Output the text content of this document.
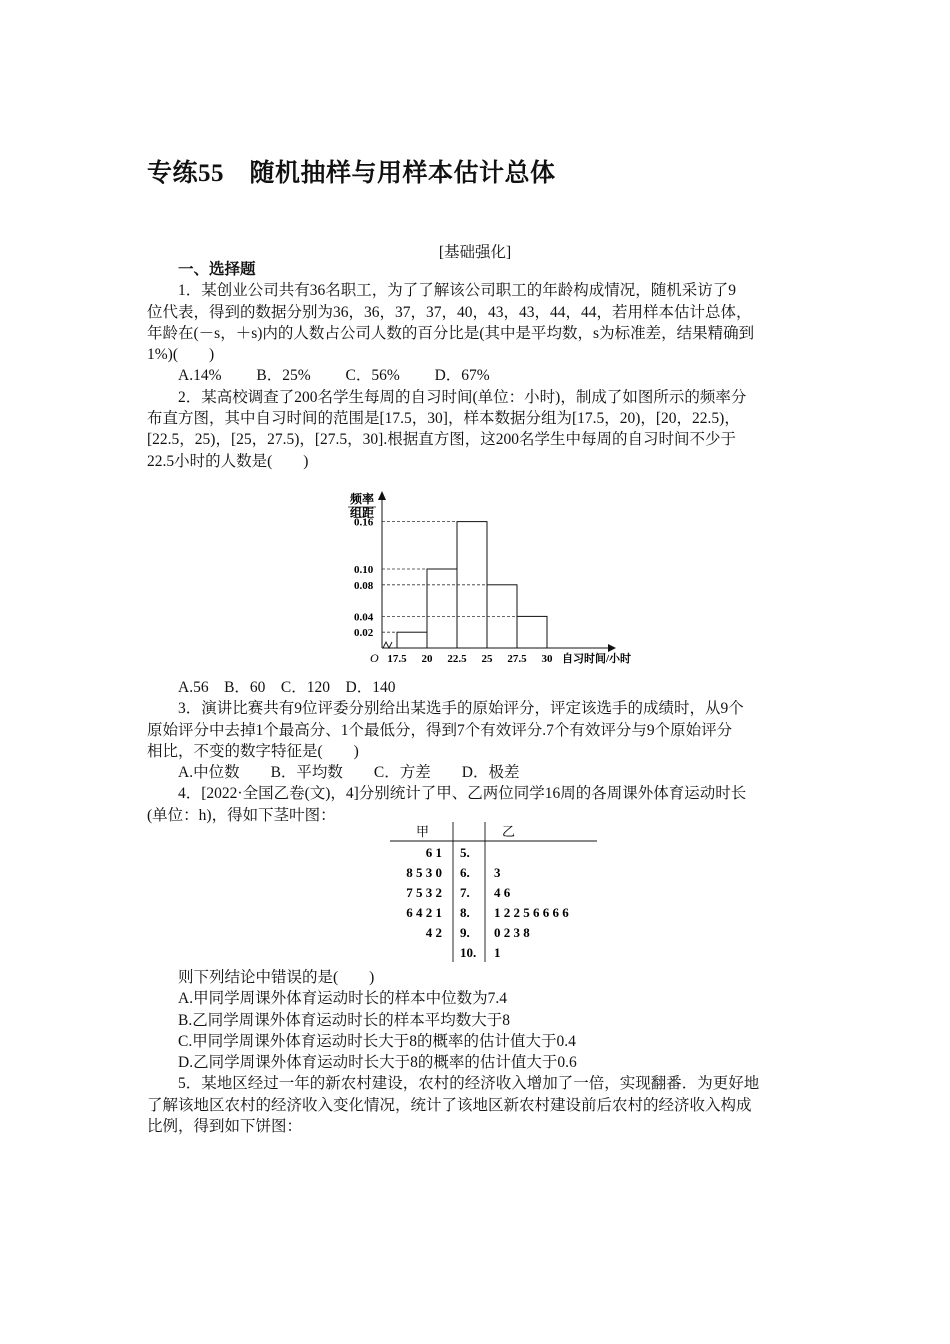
专练55　随机抽样与用样本估计总体
[基础强化]

一、选择题

1．某创业公司共有36名职工，为了了解该公司职工的年龄构成情况，随机采访了9

位代表，得到的数据分别为36，36，37，37，40，43，43，44，44，若用样本估计总体，

年龄在(－s，＋s)内的人数占公司人数的百分比是(其中是平均数，s为标准差，结果精确到

1%)(　　)

A.14%　　 B．25%　　 C．56%　　 D．67%

2．某高校调查了200名学生每周的自习时间(单位：小时)，制成了如图所示的频率分

布直方图，其中自习时间的范围是[17.5，30]，样本数据分组为[17.5，20)，[20，22.5)，

[22.5，25)，[25，27.5)，[27.5，30].根据直方图，这200名学生中每周的自习时间不少于

22.5小时的人数是(　　)

频率
组距
0.16
0.10
0.08
0.04
0.02
17.5 20 22.5 25 27.5 30
O	自习时间/小时

A.56　B．60　C．120　D．140

3．演讲比赛共有9位评委分别给出某选手的原始评分，评定该选手的成绩时，从9个

原始评分中去掉1个最高分、1个最低分，得到7个有效评分.7个有效评分与9个原始评分

相比，不变的数字特征是(　　)

A.中位数　　B．平均数　　C．方差　　D．极差

4．[2022·全国乙卷(文)，4]分别统计了甲、乙两位同学16周的各周课外体育运动时长

(单位：h)，得如下茎叶图：

甲	乙
6 1 5.
8 5 3 0 6. 3
7 5 3 2 7. 4 6
6 4 2 1 8. 1 2 2 5 6 6 6 6
4 2 9. 0 2 3 8
10. 1

则下列结论中错误的是(　　)

A.甲同学周课外体育运动时长的样本中位数为7.4

B.乙同学周课外体育运动时长的样本平均数大于8

C.甲同学周课外体育运动时长大于8的概率的估计值大于0.4

D.乙同学周课外体育运动时长大于8的概率的估计值大于0.6

5．某地区经过一年的新农村建设，农村的经济收入增加了一倍，实现翻番．为更好地

了解该地区农村的经济收入变化情况，统计了该地区新农村建设前后农村的经济收入构成

比例，得到如下饼图：
